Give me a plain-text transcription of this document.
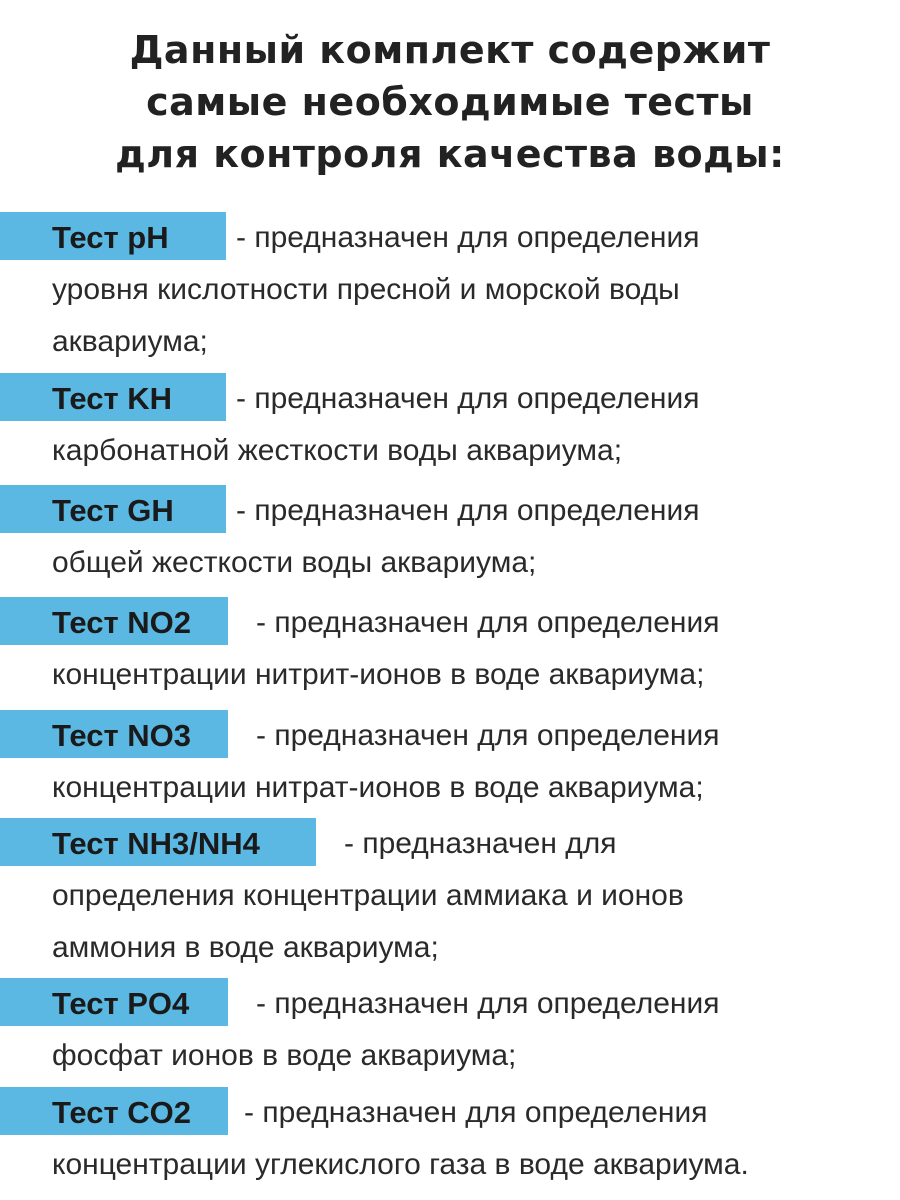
Данный комплект содержит
самые необходимые тесты
для контроля качества воды:
Тест pH - предназначен для определения
уровня кислотности пресной и морской воды
аквариума;
Тест KH - предназначен для определения
карбонатной жесткости воды аквариума;
Тест GH - предназначен для определения
общей жесткости воды аквариума;
Тест NO2 - предназначен для определения
концентрации нитрит-ионов в воде аквариума;
Тест NO3 - предназначен для определения
концентрации нитрат-ионов в воде аквариума;
Тест NH3/NH4	- предназначен для
определения концентрации аммиака и ионов
аммония в воде аквариума;
Тест PO4 - предназначен для определения
фосфат ионов в воде аквариума;
Тест CO2 - предназначен для определения
концентрации углекислого газа в воде аквариума.
